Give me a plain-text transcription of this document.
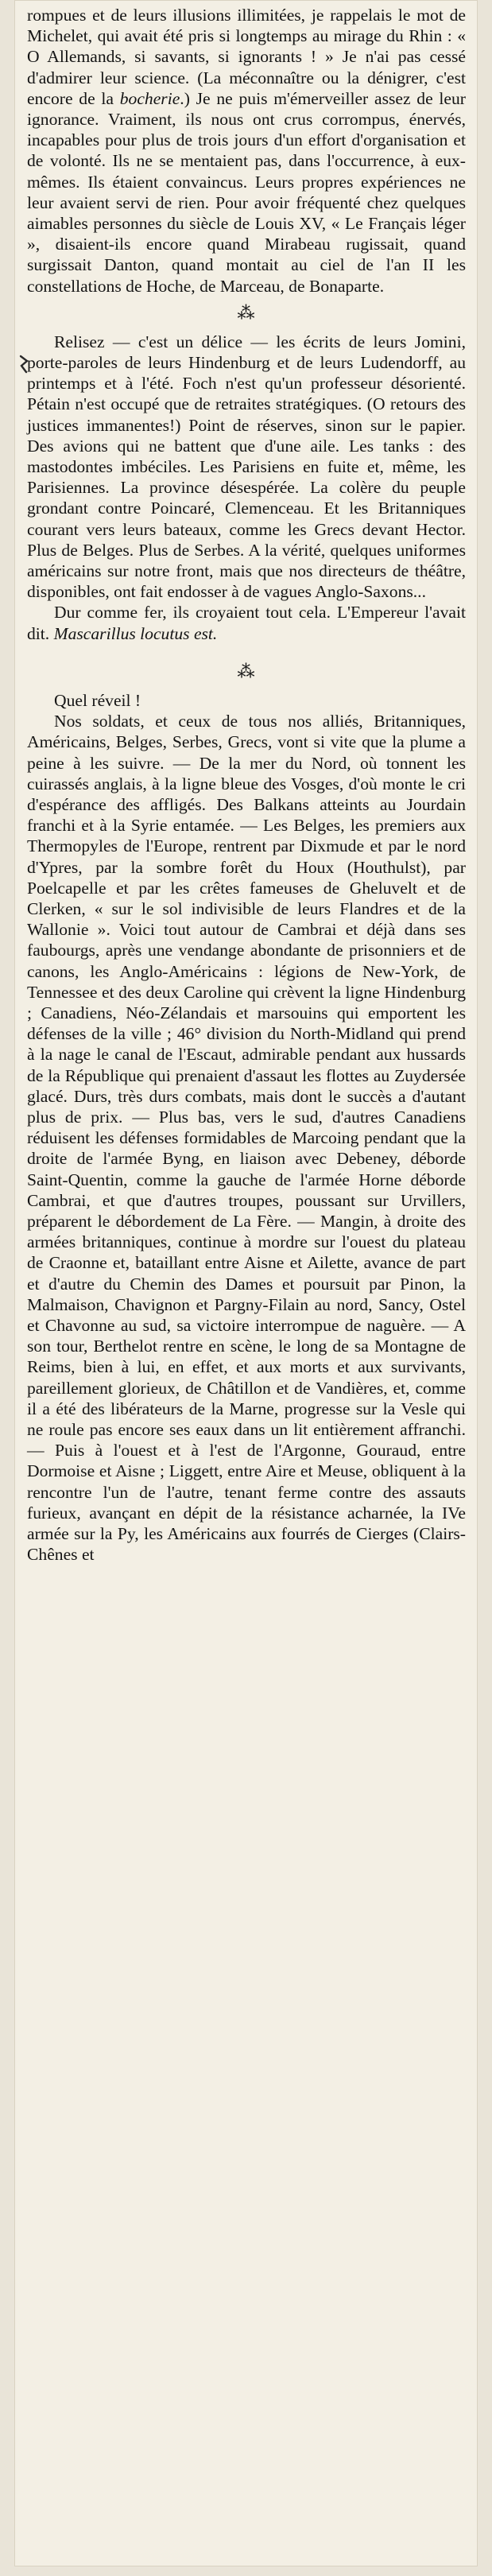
rompues et de leurs illusions illimitées, je rappelais le mot de Michelet, qui avait été pris si longtemps au mirage du Rhin : « O Allemands, si savants, si ignorants ! » Je n'ai pas cessé d'admirer leur science. (La méconnaître ou la dénigrer, c'est encore de la bocherie.) Je ne puis m'émerveiller assez de leur ignorance. Vraiment, ils nous ont crus corrompus, énervés, incapables pour plus de trois jours d'un effort d'organisation et de volonté. Ils ne se mentaient pas, dans l'occurrence, à eux-mêmes. Ils étaient convaincus. Leurs propres expériences ne leur avaient servi de rien. Pour avoir fréquenté chez quelques aimables personnes du siècle de Louis XV, « Le Français léger », disaient-ils encore quand Mirabeau rugissait, quand surgissait Danton, quand montait au ciel de l'an II les constellations de Hoche, de Marceau, de Bonaparte.

⁂

Relisez — c'est un délice — les écrits de leurs Jomini, porte-paroles de leurs Hindenburg et de leurs Ludendorff, au printemps et à l'été. Foch n'est qu'un professeur désorienté. Pétain n'est occupé que de retraites stratégiques. (O retours des justices immanentes!) Point de réserves, sinon sur le papier. Des avions qui ne battent que d'une aile. Les tanks : des mastodontes imbéciles. Les Parisiens en fuite et, même, les Parisiennes. La province désespérée. La colère du peuple grondant contre Poincaré, Clemenceau. Et les Britanniques courant vers leurs bateaux, comme les Grecs devant Hector. Plus de Belges. Plus de Serbes. A la vérité, quelques uniformes américains sur notre front, mais que nos directeurs de théâtre, disponibles, ont fait endosser à de vagues Anglo-Saxons...

Dur comme fer, ils croyaient tout cela. L'Empereur l'avait dit. Mascarillus locutus est.

⁂

Quel réveil !

Nos soldats, et ceux de tous nos alliés, Britanniques, Américains, Belges, Serbes, Grecs, vont si vite que la plume a peine à les suivre. — De la mer du Nord, où tonnent les cuirassés anglais, à la ligne bleue des Vosges, d'où monte le cri d'espérance des affligés. Des Balkans atteints au Jourdain franchi et à la Syrie entamée. — Les Belges, les premiers aux Thermopyles de l'Europe, rentrent par Dixmude et par le nord d'Ypres, par la sombre forêt du Houx (Houthulst), par Poelcapelle et par les crêtes fameuses de Gheluvelt et de Clerken, « sur le sol indivisible de leurs Flandres et de la Wallonie ». Voici tout autour de Cambrai et déjà dans ses faubourgs, après une vendange abondante de prisonniers et de canons, les Anglo-Américains : légions de New-York, de Tennessee et des deux Caroline qui crèvent la ligne Hindenburg ; Canadiens, Néo-Zélandais et marsouins qui emportent les défenses de la ville ; 46° division du North-Midland qui prend à la nage le canal de l'Escaut, admirable pendant aux hussards de la République qui prenaient d'assaut les flottes au Zuydersée glacé. Durs, très durs combats, mais dont le succès a d'autant plus de prix. — Plus bas, vers le sud, d'autres Canadiens réduisent les défenses formidables de Marcoing pendant que la droite de l'armée Byng, en liaison avec Debeney, déborde Saint-Quentin, comme la gauche de l'armée Horne déborde Cambrai, et que d'autres troupes, poussant sur Urvillers, préparent le débordement de La Fère. — Mangin, à droite des armées britanniques, continue à mordre sur l'ouest du plateau de Craonne et, bataillant entre Aisne et Ailette, avance de part et d'autre du Chemin des Dames et poursuit par Pinon, la Malmaison, Chavignon et Pargny-Filain au nord, Sancy, Ostel et Chavonne au sud, sa victoire interrompue de naguère. — A son tour, Berthelot rentre en scène, le long de sa Montagne de Reims, bien à lui, en effet, et aux morts et aux survivants, pareillement glorieux, de Châtillon et de Vandières, et, comme il a été des libérateurs de la Marne, progresse sur la Vesle qui ne roule pas encore ses eaux dans un lit entièrement affranchi. — Puis à l'ouest et à l'est de l'Argonne, Gouraud, entre Dormoise et Aisne ; Liggett, entre Aire et Meuse, obliquent à la rencontre l'un de l'autre, tenant ferme contre des assauts furieux, avançant en dépit de la résistance acharnée, la IVe armée sur la Py, les Américains aux fourrés de Cierges (Clairs-Chênes et
